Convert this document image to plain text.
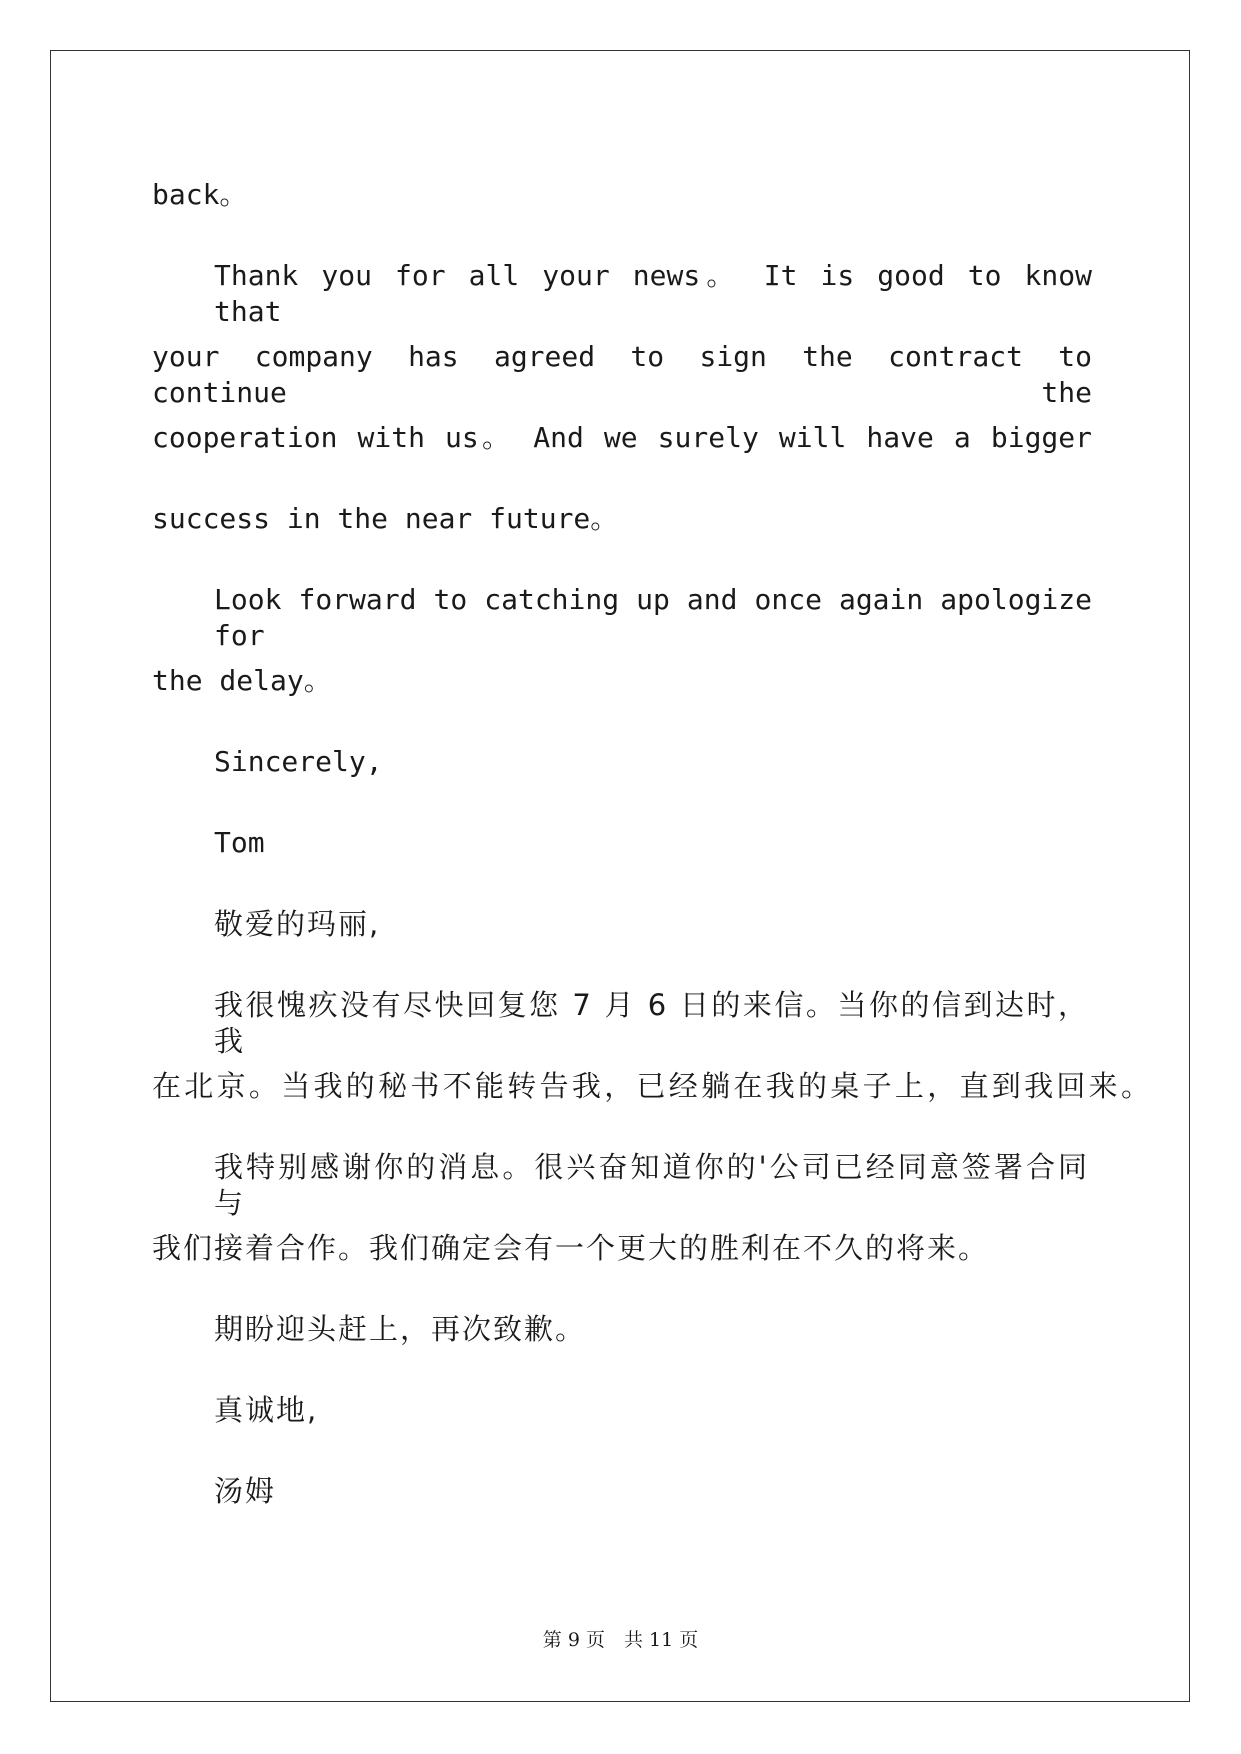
back。
Thank you for all your news。 It is good to know that
your company has agreed to sign the contract to continue the
cooperation with us。 And we surely will have a bigger
success in the near future。
Look forward to catching up and once again apologize for
the delay。
Sincerely,
Tom
敬爱的玛丽,
我很愧疚没有尽快回复您 7 月 6 日的来信。当你的信到达时，我
在北京。当我的秘书不能转告我，已经躺在我的桌子上，直到我回来。
我特别感谢你的消息。很兴奋知道你的'公司已经同意签署合同与
我们接着合作。我们确定会有一个更大的胜利在不久的将来。
期盼迎头赶上，再次致歉。
真诚地,
汤姆
第 9 页　共 11 页
